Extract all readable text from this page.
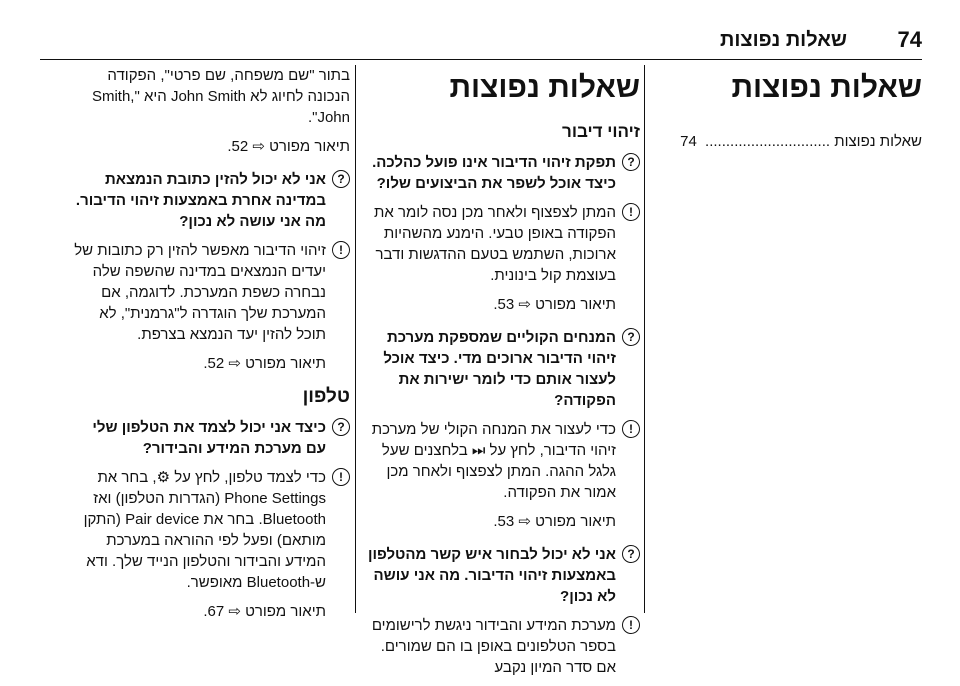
74
שאלות נפוצות
שאלות נפוצות
שאלות נפוצות .............................. 74
שאלות נפוצות
זיהוי דיבור
?
תפקת זיהוי הדיבור אינו פועל כהלכה. כיצד אוכל לשפר את הביצועים שלו?
!
המתן לצפצוף ולאחר מכן נסה לומר את הפקודה באופן טבעי. הימנע מהשהיות ארוכות, השתמש בטעם ההדגשות ודבר בעוצמת קול בינונית.
תיאור מפורט ⇨ 53.
?
המנחים הקוליים שמספקת מערכת זיהוי הדיבור ארוכים מדי. כיצד אוכל לעצור אותם כדי לומר ישירות את הפקודה?
!
כדי לעצור את המנחה הקולי של מערכת זיהוי הדיבור, לחץ על ⏭ בלחצנים שעל גלגל ההגה. המתן לצפצוף ולאחר מכן אמור את הפקודה.
תיאור מפורט ⇨ 53.
?
אני לא יכול לבחור איש קשר מהטלפון באמצעות זיהוי הדיבור. מה אני עושה לא נכון?
!
מערכת המידע והבידור ניגשת לרישומים בספר הטלפונים באופן בו הם שמורים. אם סדר המיון נקבע
בתור "שם משפחה, שם פרטי", הפקודה הנכונה לחיוג לא John Smith היא "Smith, John".
תיאור מפורט ⇨ 52.
?
אני לא יכול להזין כתובת הנמצאת במדינה אחרת באמצעות זיהוי הדיבור. מה אני עושה לא נכון?
!
זיהוי הדיבור מאפשר להזין רק כתובות של יעדים הנמצאים במדינה שהשפה שלה נבחרה כשפת המערכת. לדוגמה, אם המערכת שלך הוגדרה ל"גרמנית", לא תוכל להזין יעד הנמצא בצרפת.
תיאור מפורט ⇨ 52.
טלפון
?
כיצד אני יכול לצמד את הטלפון שלי עם מערכת המידע והבידור?
!
כדי לצמד טלפון, לחץ על ⚙, בחר את Phone Settings (הגדרות הטלפון) ואז Bluetooth. בחר את Pair device (התקן מותאם) ופעל לפי ההוראה במערכת המידע והבידור והטלפון הנייד שלך. ודא ש-Bluetooth מאופשר.
תיאור מפורט ⇨ 67.
